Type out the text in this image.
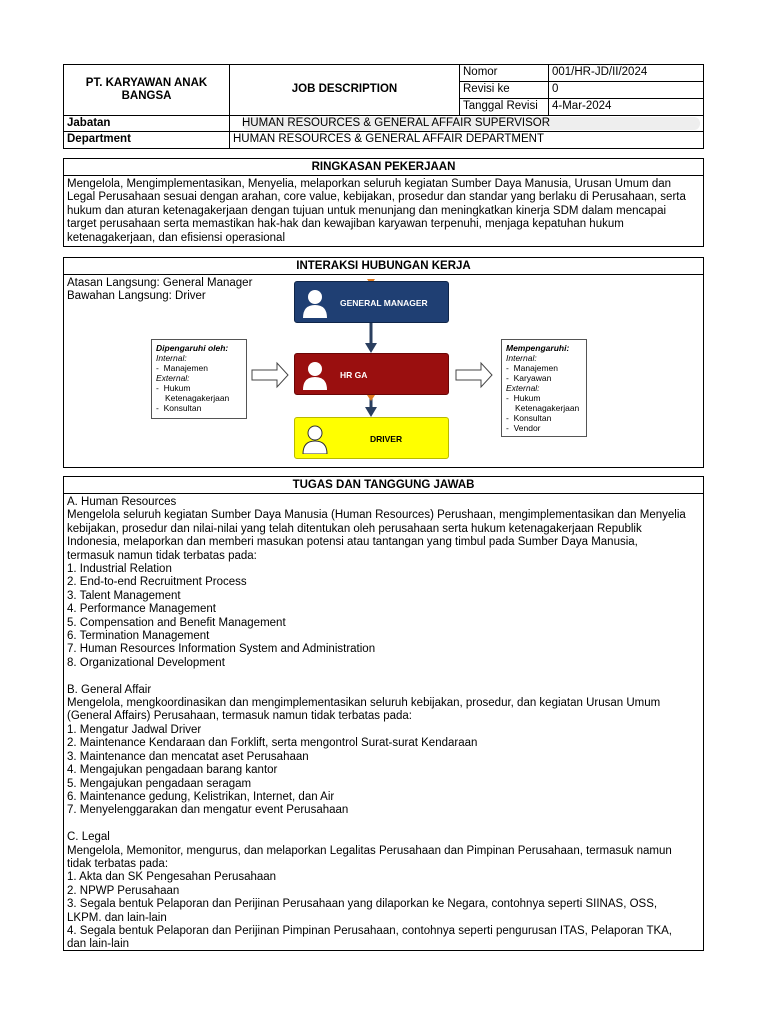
PT. KARYAWAN ANAK BANGSA	JOB DESCRIPTION	Nomor	001/HR-JD/II/2024
		Revisi ke	0
		Tanggal Revisi	4-Mar-2024
Jabatan	HUMAN RESOURCES & GENERAL AFFAIR SUPERVISOR		
Department	HUMAN RESOURCES & GENERAL AFFAIR DEPARTMENT		
RINGKASAN PEKERJAAN
Mengelola, Mengimplementasikan, Menyelia, melaporkan seluruh kegiatan Sumber Daya Manusia, Urusan Umum dan
Legal Perusahaan sesuai dengan arahan, core value, kebijakan, prosedur dan standar yang berlaku di Perusahaan, serta
hukum dan aturan ketenagakerjaan dengan tujuan untuk menunjang dan meningkatkan kinerja SDM dalam mencapai
target perusahaan serta memastikan hak-hak dan kewajiban karyawan terpenuhi, menjaga kepatuhan hukum
ketenagakerjaan, dan efisiensi operasional
INTERAKSI HUBUNGAN KERJA
Atasan Langsung: General Manager
Bawahan Langsung: Driver
GENERAL MANAGER
HR GA
DRIVER
Dipengaruhi oleh:
Internal:
-  Manajemen
External:
-  Hukum
Ketenagakerjaan
-  Konsultan
Mempengaruhi:
Internal:
-  Manajemen
-  Karyawan
External:
-  Hukum
Ketenagakerjaan
-  Konsultan
-  Vendor
TUGAS DAN TANGGUNG JAWAB
A. Human Resources
Mengelola seluruh kegiatan Sumber Daya Manusia (Human Resources) Perushaan, mengimplementasikan dan Menyelia
kebijakan, prosedur dan nilai-nilai yang telah ditentukan oleh perusahaan serta hukum ketenagakerjaan Republik
Indonesia, melaporkan dan memberi masukan potensi atau tantangan yang timbul pada Sumber Daya Manusia,
termasuk namun tidak terbatas pada:
1. Industrial Relation
2. End-to-end Recruitment Process
3. Talent Management
4. Performance Management
5. Compensation and Benefit Management
6. Termination Management
7. Human Resources Information System and Administration
8. Organizational Development
B. General Affair
Mengelola, mengkoordinasikan dan mengimplementasikan seluruh kebijakan, prosedur, dan kegiatan Urusan Umum
(General Affairs) Perusahaan, termasuk namun tidak terbatas pada:
1. Mengatur Jadwal Driver
2. Maintenance Kendaraan dan Forklift, serta mengontrol Surat-surat Kendaraan
3. Maintenance dan mencatat aset Perusahaan
4. Mengajukan pengadaan barang kantor
5. Mengajukan pengadaan seragam
6. Maintenance gedung, Kelistrikan, Internet, dan Air
7. Menyelenggarakan dan mengatur event Perusahaan
C. Legal
Mengelola, Memonitor, mengurus, dan melaporkan Legalitas Perusahaan dan Pimpinan Perusahaan, termasuk namun
tidak terbatas pada:
1. Akta dan SK Pengesahan Perusahaan
2. NPWP Perusahaan
3. Segala bentuk Pelaporan dan Perijinan Perusahaan yang dilaporkan ke Negara, contohnya seperti SIINAS, OSS,
LKPM. dan lain-lain
4. Segala bentuk Pelaporan dan Perijinan Pimpinan Perusahaan, contohnya seperti pengurusan ITAS, Pelaporan TKA,
dan lain-lain
